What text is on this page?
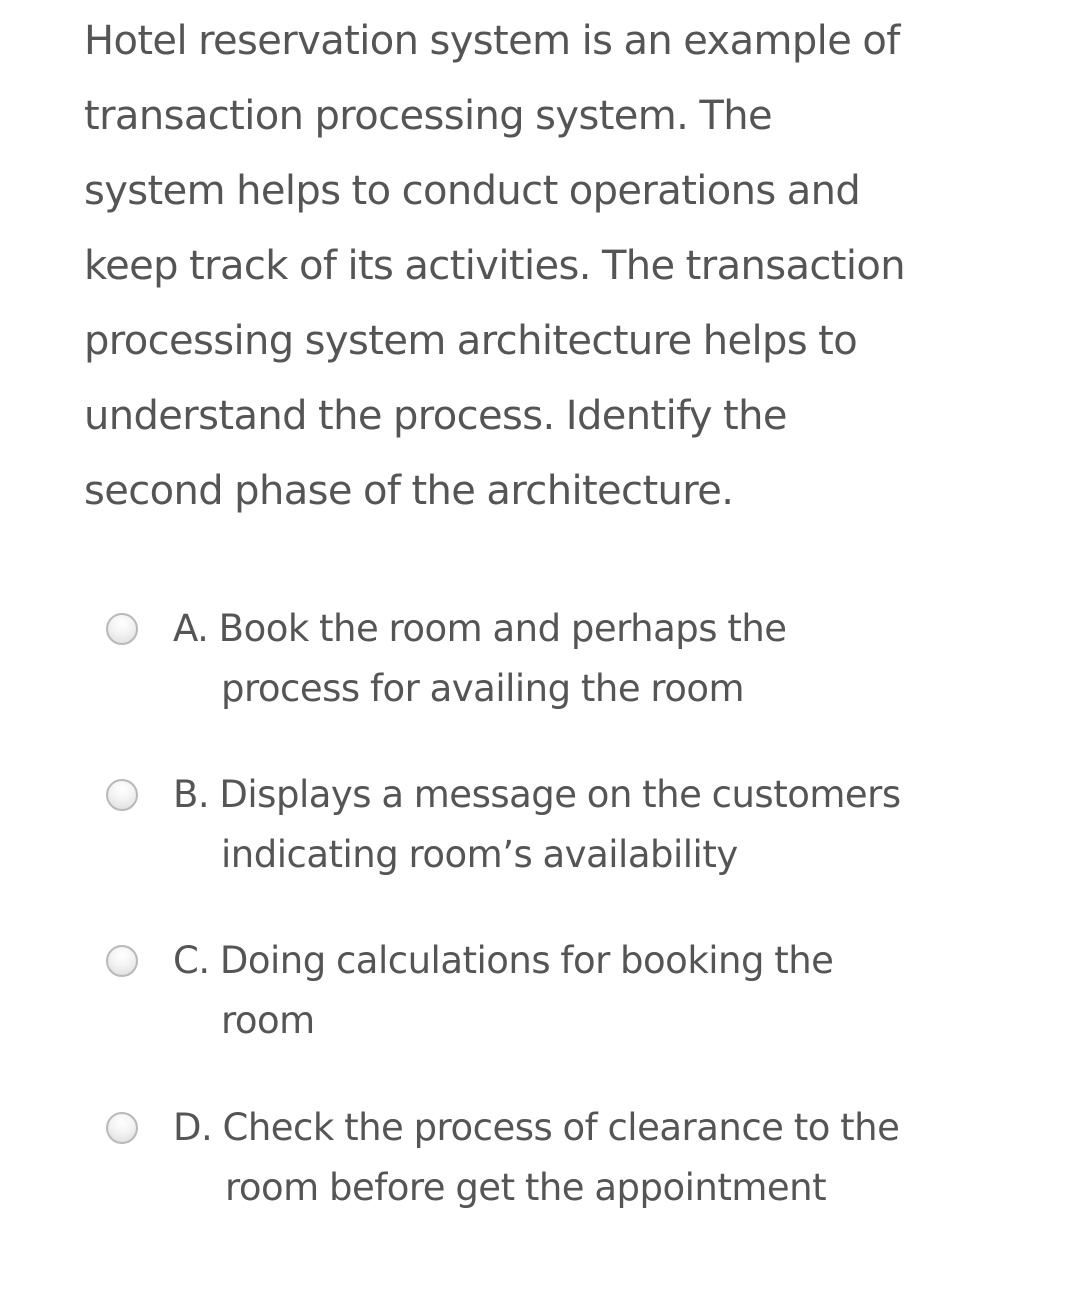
Hotel reservation system is an example of
transaction processing system. The
system helps to conduct operations and
keep track of its activities. The transaction
processing system architecture helps to
understand the process. Identify the
second phase of the architecture.

A. Book the room and perhaps the
process for availing the room
B. Displays a message on the customers
indicating room’s availability
C. Doing calculations for booking the
room
D. Check the process of clearance to the
room before get the appointment
